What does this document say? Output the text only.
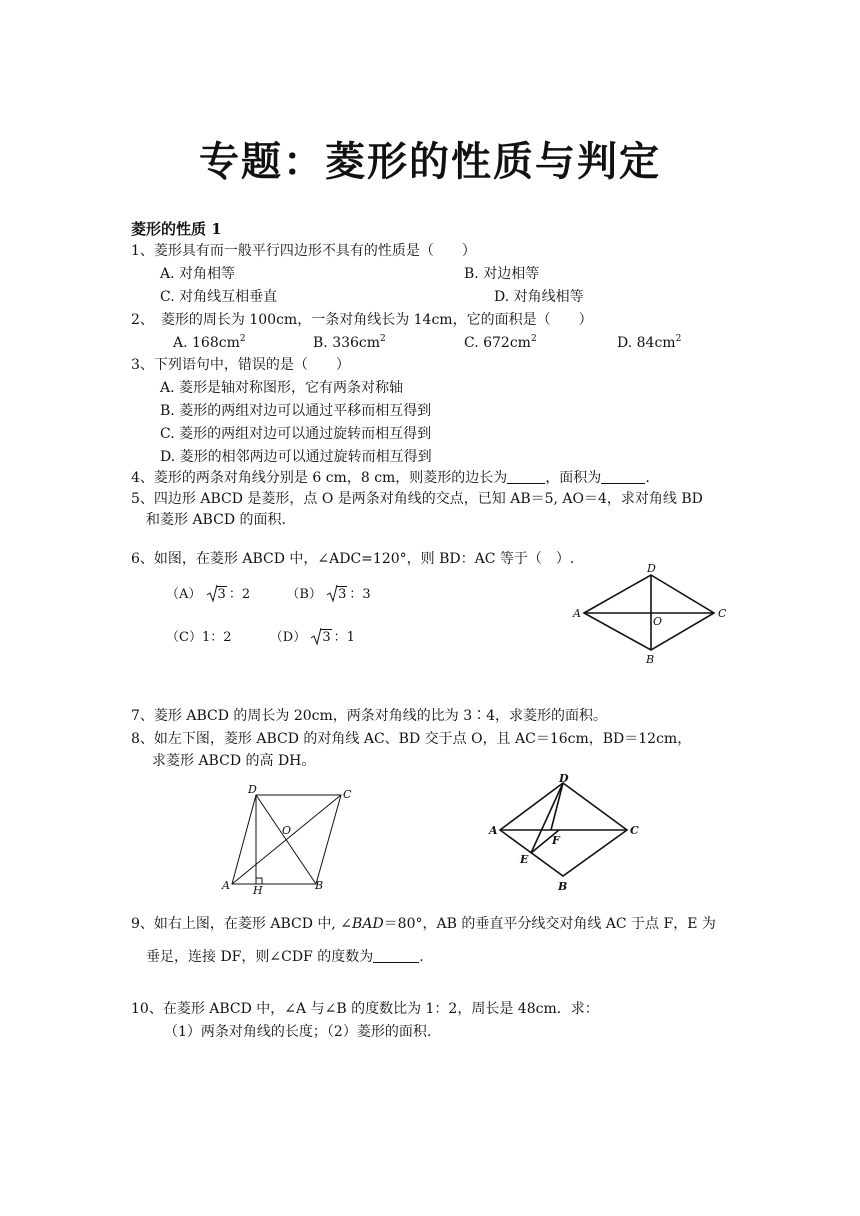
专题：菱形的性质与判定
菱形的性质 1
1、菱形具有而一般平行四边形不具有的性质是（　　）
A. 对角相等	B. 对边相等
C. 对角线互相垂直	D. 对角线相等
2、　菱形的周长为 100cm，一条对角线长为 14cm，它的面积是（　　）
A. $168cm^2$	B. $336cm^2$	C. $672cm^2$	D. $84cm^2$
3、下列语句中，错误的是（　　）
A. 菱形是轴对称图形，它有两条对称轴
B. 菱形的两组对边可以通过平移而相互得到
C. 菱形的两组对边可以通过旋转而相互得到
D. 菱形的相邻两边可以通过旋转而相互得到
4、菱形的两条对角线分别是 6 cm，8 cm，则菱形的边长为	，面积为	.
5、四边形 ABCD 是菱形，点 O 是两条对角线的交点，已知 AB＝5, AO＝4，求对角线 BD
和菱形 ABCD 的面积.
6、如图，在菱形 ABCD 中，∠ADC=120°，则 BD：AC 等于（　）.
（A） 3 ：2	（B） 3 ：3
（C）1：2	（D） 3 ：1
D
A	C
B
O
7、菱形 ABCD 的周长为 20cm，两条对角线的比为 3∶4，求菱形的面积。
8、如左下图，菱形 ABCD 的对角线 AC、BD 交于点 O，且 AC＝16cm，BD＝12cm，
求菱形 ABCD 的高 DH。
D	C
A	B
H
O
D
A	C
B
F
E
9、如右上图，在菱形 ABCD 中, ∠BAD＝80°，AB 的垂直平分线交对角线 AC 于点 F，E 为
垂足，连接 DF，则∠CDF 的度数为	.
10、在菱形 ABCD 中，∠A 与∠B 的度数比为 1：2，周长是 48cm．求：
（1）两条对角线的长度；（2）菱形的面积.
